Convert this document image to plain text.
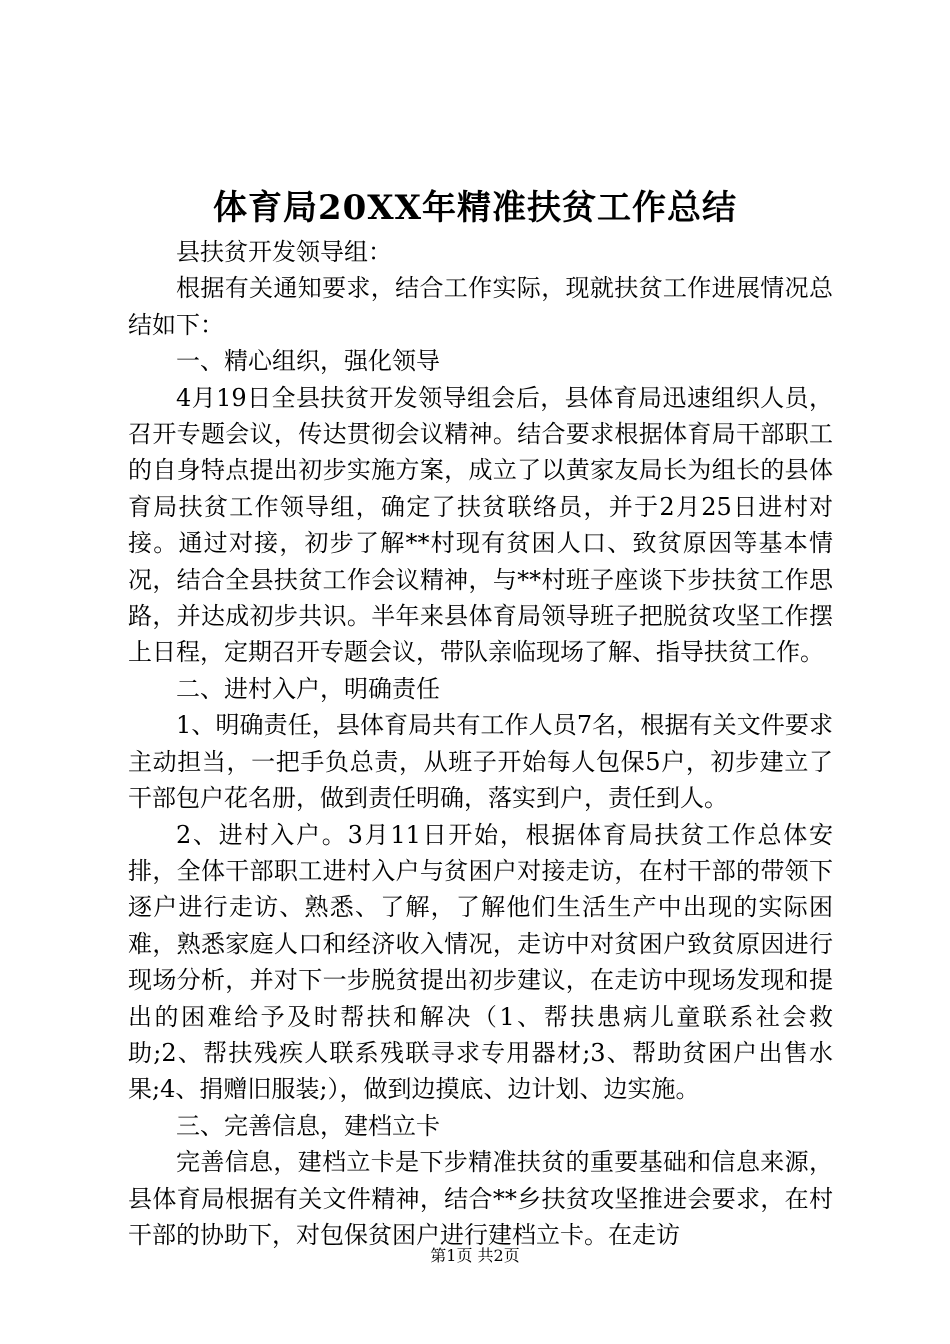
体育局20XX年精准扶贫工作总结

县扶贫开发领导组：

根据有关通知要求，结合工作实际，现就扶贫工作进展情况总结如下：

一、精心组织，强化领导

4月19日全县扶贫开发领导组会后，县体育局迅速组织人员，召开专题会议，传达贯彻会议精神。结合要求根据体育局干部职工的自身特点提出初步实施方案，成立了以黄家友局长为组长的县体育局扶贫工作领导组，确定了扶贫联络员，并于2月25日进村对接。通过对接，初步了解**村现有贫困人口、致贫原因等基本情况，结合全县扶贫工作会议精神，与**村班子座谈下步扶贫工作思路，并达成初步共识。半年来县体育局领导班子把脱贫攻坚工作摆上日程，定期召开专题会议，带队亲临现场了解、指导扶贫工作。

二、进村入户，明确责任

1、明确责任，县体育局共有工作人员7名，根据有关文件要求主动担当，一把手负总责，从班子开始每人包保5户，初步建立了干部包户花名册，做到责任明确，落实到户，责任到人。

2、进村入户。3月11日开始，根据体育局扶贫工作总体安排，全体干部职工进村入户与贫困户对接走访，在村干部的带领下逐户进行走访、熟悉、了解，了解他们生活生产中出现的实际困难，熟悉家庭人口和经济收入情况，走访中对贫困户致贫原因进行现场分析，并对下一步脱贫提出初步建议，在走访中现场发现和提出的困难给予及时帮扶和解决（1、帮扶患病儿童联系社会救助;2、帮扶残疾人联系残联寻求专用器材;3、帮助贫困户出售水果;4、捐赠旧服装;），做到边摸底、边计划、边实施。

三、完善信息，建档立卡

完善信息，建档立卡是下步精准扶贫的重要基础和信息来源，县体育局根据有关文件精神，结合**乡扶贫攻坚推进会要求，在村干部的协助下，对包保贫困户进行建档立卡。在走访

第1页 共2页
